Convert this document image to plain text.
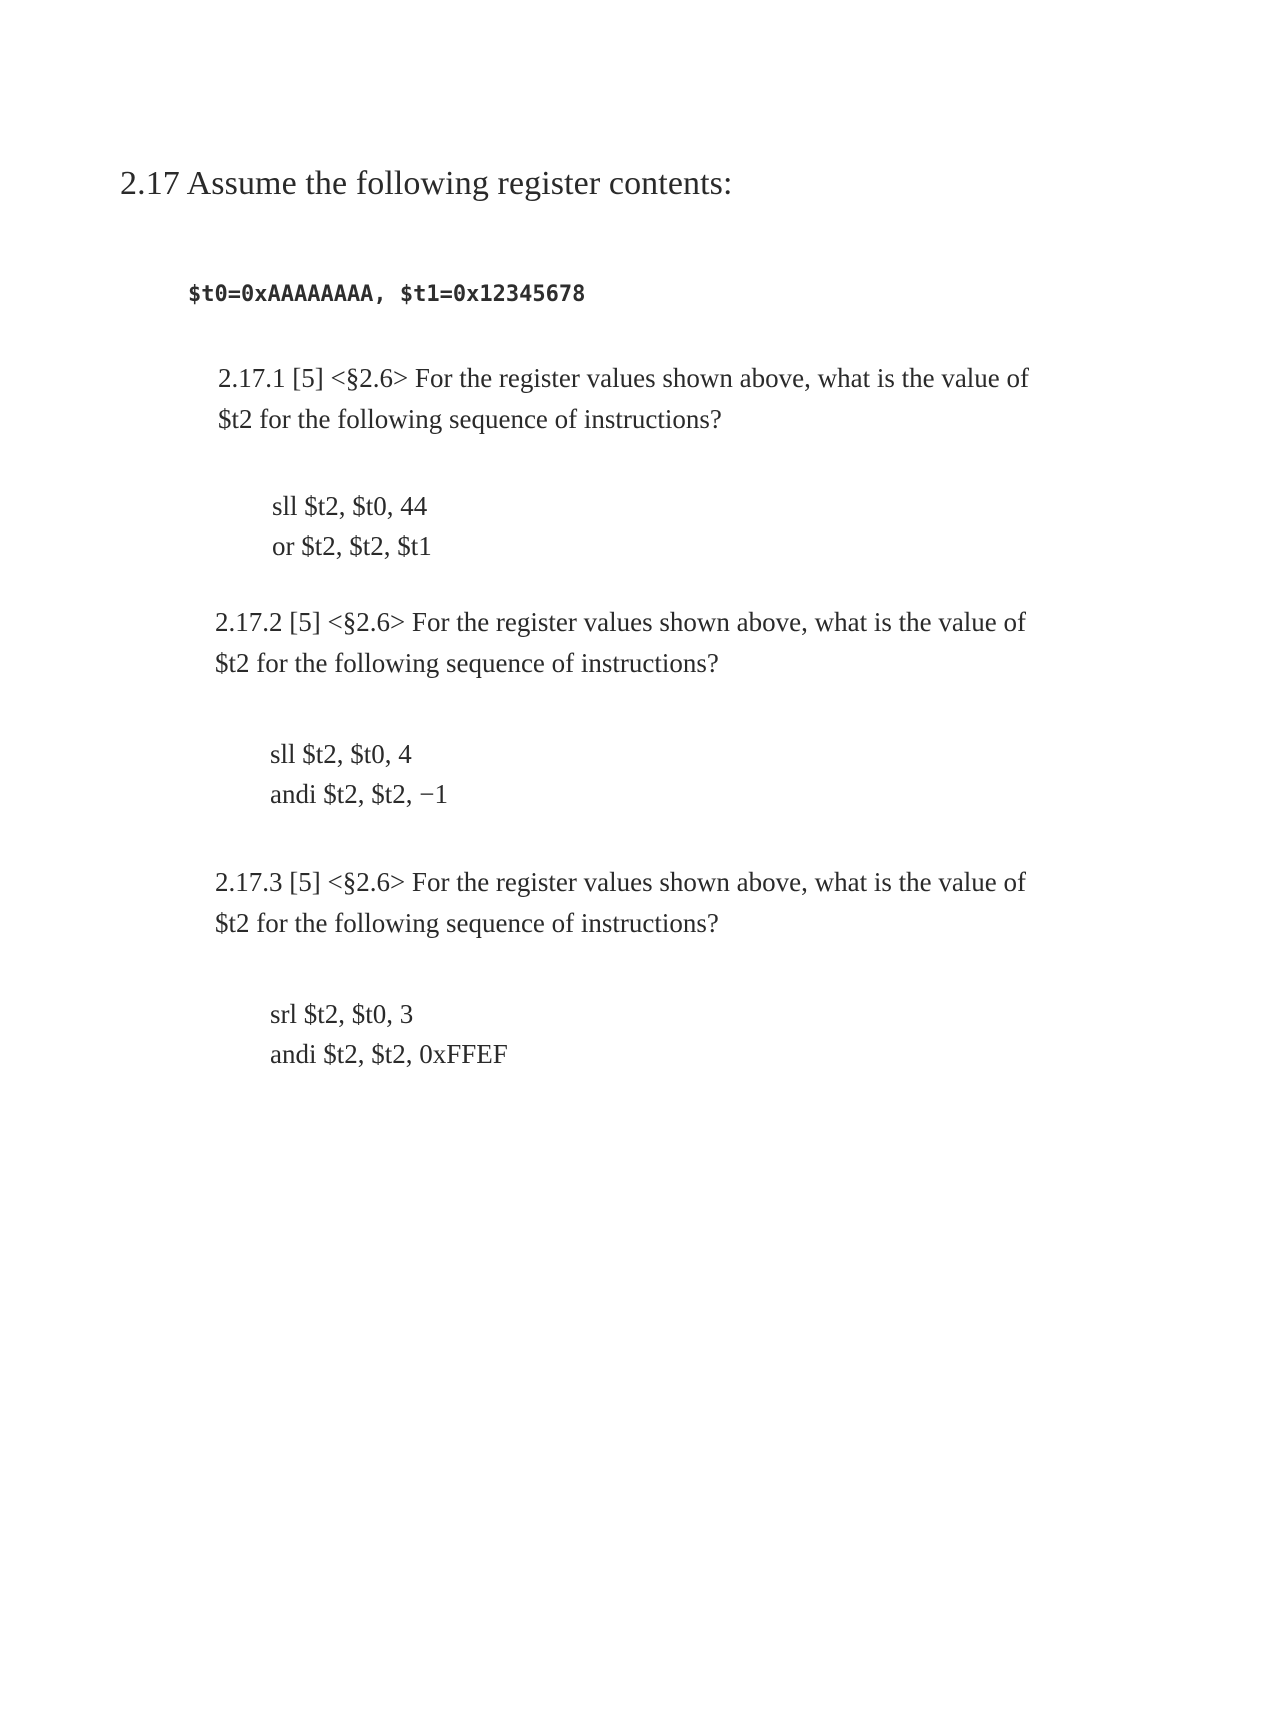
2.17 Assume the following register contents:
$t0=0xAAAAAAAA, $t1=0x12345678
2.17.1 [5] <§2.6> For the register values shown above, what is the value of
$t2 for the following sequence of instructions?
sll $t2, $t0, 44
or $t2, $t2, $t1
2.17.2 [5] <§2.6> For the register values shown above, what is the value of
$t2 for the following sequence of instructions?
sll $t2, $t0, 4
andi $t2, $t2, −1
2.17.3 [5] <§2.6> For the register values shown above, what is the value of
$t2 for the following sequence of instructions?
srl $t2, $t0, 3
andi $t2, $t2, 0xFFEF
